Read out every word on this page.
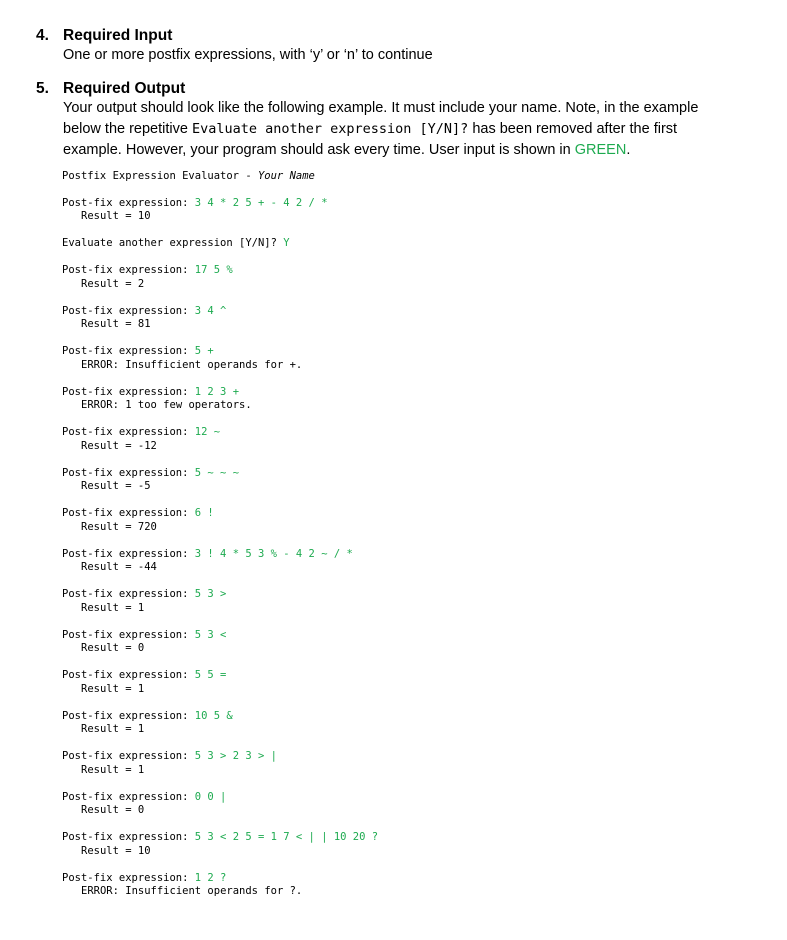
4. Required Input
One or more postfix expressions, with ‘y’ or ‘n’ to continue
5. Required Output
Your output should look like the following example. It must include your name. Note, in the example
below the repetitive Evaluate another expression [Y/N]? has been removed after the first
example. However, your program should ask every time. User input is shown in GREEN.
Postfix Expression Evaluator - Your Name
Post-fix expression: 3 4 * 2 5 + - 4 2 / *
Result = 10
Evaluate another expression [Y/N]? Y
Post-fix expression: 17 5 %
Result = 2
Post-fix expression: 3 4 ^
Result = 81
Post-fix expression: 5 +
ERROR: Insufficient operands for +.
Post-fix expression: 1 2 3 +
ERROR: 1 too few operators.
Post-fix expression: 12 ~
Result = -12
Post-fix expression: 5 ~ ~ ~
Result = -5
Post-fix expression: 6 !
Result = 720
Post-fix expression: 3 ! 4 * 5 3 % - 4 2 ~ / *
Result = -44
Post-fix expression: 5 3 >
Result = 1
Post-fix expression: 5 3 <
Result = 0
Post-fix expression: 5 5 =
Result = 1
Post-fix expression: 10 5 &
Result = 1
Post-fix expression: 5 3 > 2 3 > |
Result = 1
Post-fix expression: 0 0 |
Result = 0
Post-fix expression: 5 3 < 2 5 = 1 7 < | | 10 20 ?
Result = 10
Post-fix expression: 1 2 ?
ERROR: Insufficient operands for ?.
